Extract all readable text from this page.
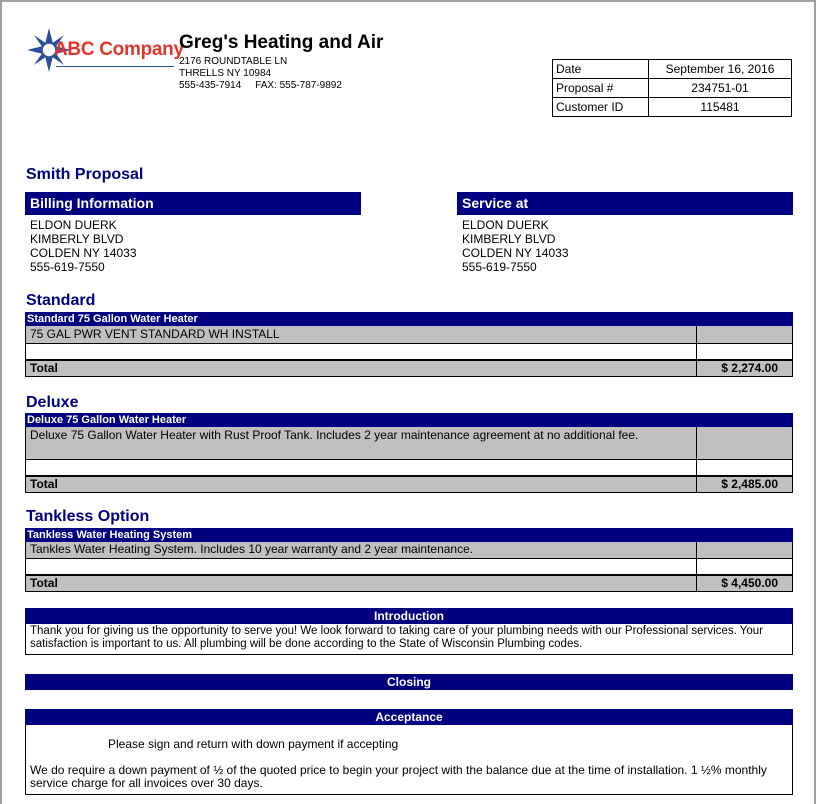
ABC Company
Greg's Heating and Air
2176 ROUNDTABLE LN
THRELLS NY 10984
555-435-7914     FAX: 555-787-9892
Date	September 16, 2016
Proposal #	234751-01
Customer ID	115481
Smith Proposal
Billing Information
ELDON DUERK
KIMBERLY BLVD
COLDEN NY 14033
555-619-7550
Service at
ELDON DUERK
KIMBERLY BLVD
COLDEN NY 14033
555-619-7550
Standard
Standard 75 Gallon Water Heater
75 GAL PWR VENT STANDARD WH INSTALL
Total	$ 2,274.00
Deluxe
Deluxe 75 Gallon Water Heater
Deluxe 75 Gallon Water Heater with Rust Proof Tank. Includes 2 year maintenance agreement at no additional fee.
Total	$ 2,485.00
Tankless Option
Tankless Water Heating System
Tankles Water Heating System. Includes 10 year warranty and 2 year maintenance.
Total	$ 4,450.00
Introduction
Thank you for giving us the opportunity to serve you! We look forward to taking care of your plumbing needs with our Professional services. Your satisfaction is important to us. All plumbing will be done according to the State of Wisconsin Plumbing codes.
Closing
Acceptance
Please sign and return with down payment if accepting
We do require a down payment of ½ of the quoted price to begin your project with the balance due at the time of installation. 1 ½% monthly service charge for all invoices over 30 days.
